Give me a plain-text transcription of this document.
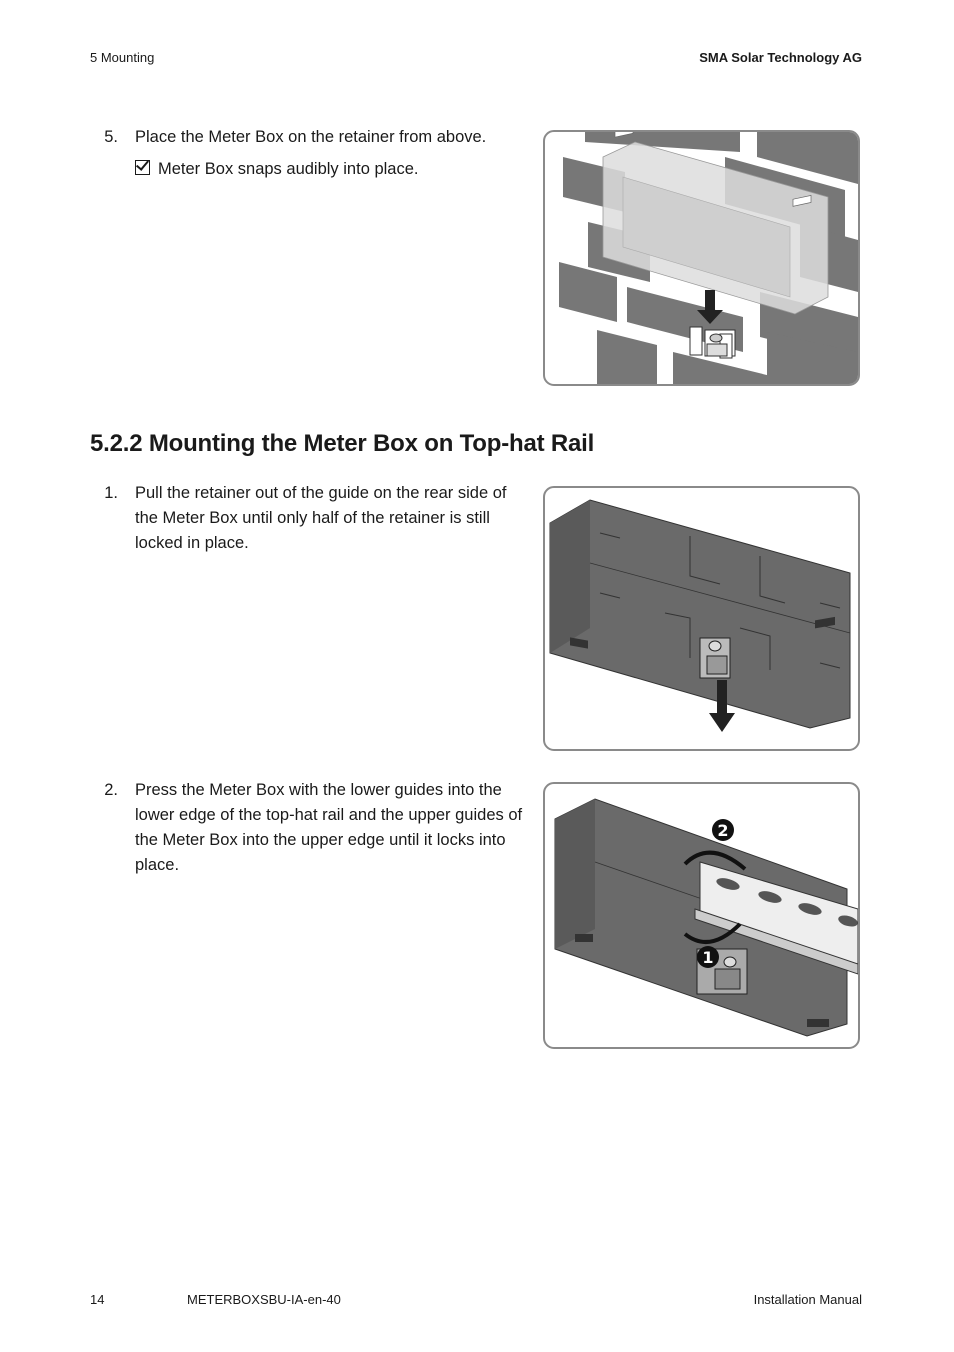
5 Mounting	SMA Solar Technology AG
5. Place the Meter Box on the retainer from above.
Meter Box snaps audibly into place.
5.2.2 Mounting the Meter Box on Top-hat Rail
1. Pull the retainer out of the guide on the rear side of the Meter Box until only half of the retainer is still locked in place.
2. Press the Meter Box with the lower guides into the lower edge of the top-hat rail and the upper guides of the Meter Box into the upper edge until it locks into place.
2
1
14	METERBOXSBU-IA-en-40	Installation Manual
